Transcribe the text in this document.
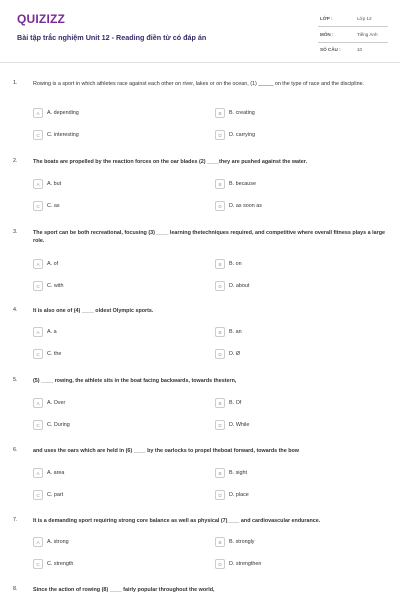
QUIZIZZ
Bài tập trắc nghiệm Unit 12 - Reading điền từ có đáp án
LỚP :	Lớp 12
MÔN :	Tiếng Anh
SỐ CÂU :	10
1.	Rowing is a sport in which athletes race against each other on river, lakes or on the ocean, (1) _____ on the type of race and the discipline.
A	A. depending	B	B. creating
C	C. interesting	D	D. carrying
2.	The boats are propelled by the reaction forces on the oar blades (2) ____they are pushed against the water.
A	A. but	B	B. because
C	C. as	D	D. as soon as
3.	The sport can be both recreational, focusing (3) ____ learning thetechniques required, and competitive where overall fitness plays a large role.
A	A. of	B	B. on
C	C. with	D	D. about
4.	It is also one of (4) ____ oldest Olympic sports.
A	A. a	B	B. an
C	C. the	D	D. Ø
5.	(5) ____ rowing, the athlete sits in the boat facing backwards, towards thestern,
A	A. Over	B	B. Of
C	C. During	D	D. While
6.	and uses the oars which are held in (6) ____ by the oarlocks to propel theboat forward, towards the bow
A	A. area	B	B. sight
C	C. part	D	D. place
7.	It is a demanding sport requiring strong core balance as well as physical (7)____ and cardiovascular endurance.
A	A. strong	B	B. strongly
C	C. strength	D	D. strengthen
8.	Since the action of rowing (8) ____ fairly popular throughout the world,
